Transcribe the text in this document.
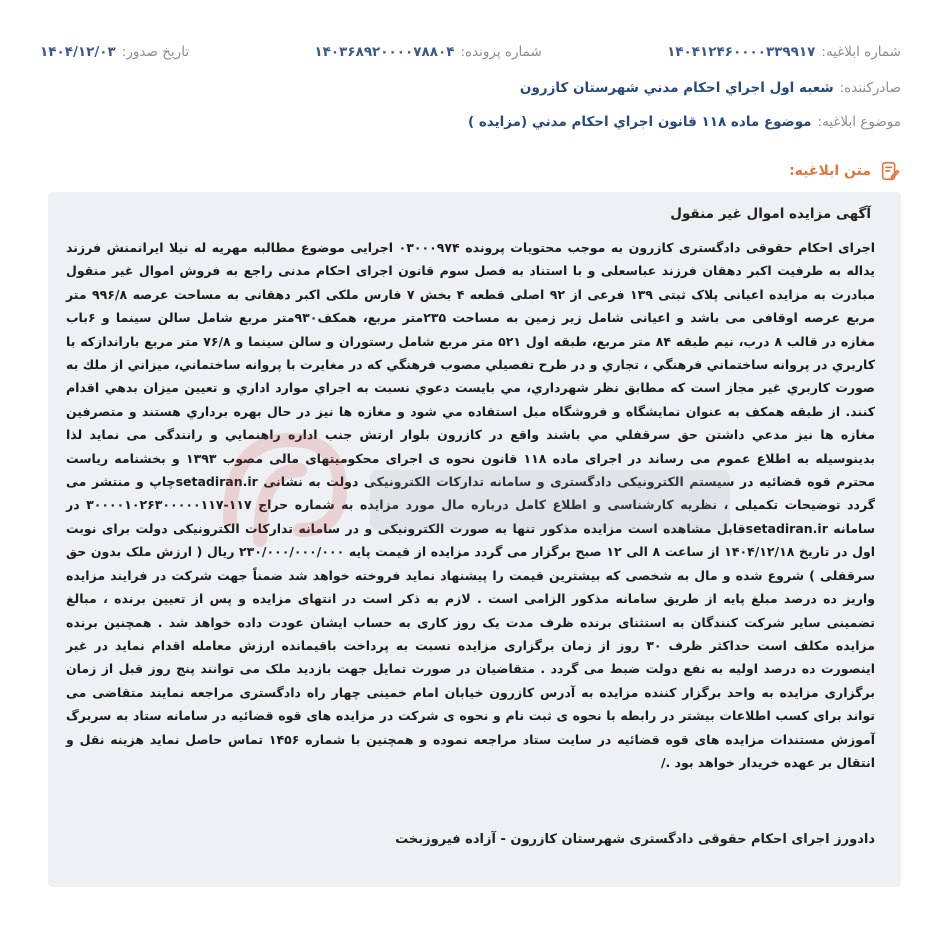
شماره ابلاغیه:
۱۴۰۴۱۲۴۶۰۰۰۰۳۳۹۹۱۷
شماره پرونده:
۱۴۰۳۶۸۹۲۰۰۰۰۷۸۸۰۴
تاریخ صدور:
۱۴۰۴/۱۲/۰۳
صادرکننده:
شعبه اول اجراي احكام مدني شهرستان كازرون
موضوع ابلاغیه:
موضوع ماده ۱۱۸ قانون اجراي احكام مدني (مزايده )
متن ابلاغیه:
آگهی مزایده اموال غیر منقول
اجرای احکام حقوقی دادگستری کازرون به موجب محتویات پرونده ۰۳۰۰۰۹۷۴ اجرایی موضوع مطالبه مهریه له نیلا ایرانمنش فرزند یداله به طرفیت اکبر دهقان فرزند عباسعلی و با استناد به فصل سوم قانون اجرای احکام مدنی راجع به فروش اموال غیر منقول مبادرت به مزایده اعیانی پلاک ثبتی ۱۳۹ فرعی از ۹۲ اصلی قطعه ۴ بخش ۷ فارس ملکی اکبر دهقانی به مساحت عرصه ۹۹۶/۸ متر مربع عرصه اوقافی می باشد و اعیانی شامل زیر زمین به مساحت ۲۳۵متر مربع، همکف۹۳۰متر مربع شامل سالن سینما و ۶باب مغازه در قالب ۸ درب، نیم طبقه ۸۴ متر مربع، طبقه اول ۵۲۱ متر مربع شامل رستوران و سالن سینما و ۷۶/۸ متر مربع باراندازکه با کاربري در پروانه ساختماني فرهنگي ، تجاري و در طرح تفصيلي مصوب فرهنگي که در مغايرت با پروانه ساختماني، ميزاني از ملك به صورت كاربري غير مجاز است كه مطابق نظر شهرداري، مي بايست دعوي نسبت به اجراي موارد اداري و تعيين ميزان بدهي اقدام كنند. از طبقه همكف به عنوان نمايشگاه و فروشگاه مبل استفاده مي شود و مغازه ها نيز در حال بهره برداري هستند و متصرفين مغازه ها نيز مدعي داشتن حق سرقفلي مي باشند واقع در كازرون بلوار ارتش جنب اداره راهنمايي و رانندگی می نمايد لذا بدينوسيله به اطلاع عموم می رساند در اجرای ماده ۱۱۸ قانون نحوه ی اجرای محکومیتهای مالی مصوب ۱۳۹۳ و بخشنامه ریاست محترم قوه قضائیه در سیستم الکترونیکی دادگستری و سامانه تدارکات الکترونیکی دولت به نشانی setadiran.irچاپ و منتشر می گردد توضیحات تکمیلی ، نظریه کارشناسی و اطلاع کامل درباره مال مورد مزایده به شماره حراج ۱۱۷-۳۰۰۰۰۱۰۲۶۳۰۰۰۰۰۱۱۷ در سامانه setadiran.irقابل مشاهده است مزایده مذکور تنها به صورت الکترونیکی و در سامانه تدارکات الکترونیکی دولت برای نوبت اول در تاریخ ۱۴۰۴/۱۲/۱۸ از ساعت ۸ الی ۱۲ صبح برگزار می گردد مزایده از قیمت پایه ۲۳۰/۰۰۰/۰۰۰/۰۰۰ ریال ( ارزش ملک بدون حق سرقفلی ) شروع شده و مال به شخصی که بیشترین قیمت را پیشنهاد نماید فروخته خواهد شد ضمناً جهت شرکت در فرایند مزایده واریز ده درصد مبلغ پایه از طریق سامانه مذکور الزامی است . لازم به ذکر است در انتهای مزایده و پس از تعیین برنده ، مبالغ تضمینی سایر شرکت کنندگان به استثنای برنده ظرف مدت یک روز کاری به حساب ایشان عودت داده خواهد شد . همچنین برنده مزایده مکلف است حداکثر ظرف ۳۰ روز از زمان برگزاری مزایده نسبت به پرداخت باقیمانده ارزش معامله اقدام نماید در غیر اینصورت ده درصد اولیه به نفع دولت ضبط می گردد . متقاضیان در صورت تمایل جهت بازدید ملک می توانند پنج روز قبل از زمان برگزاری مزایده به واحد برگزار کننده مزایده به آدرس کازرون خیابان امام خمینی چهار راه دادگستری مراجعه نمایند متقاضی می تواند برای کسب اطلاعات بیشتر در رابطه با نحوه ی ثبت نام و نحوه ی شرکت در مزایده های قوه قضائیه در سامانه ستاد به سربرگ آموزش مستندات مزایده های قوه قضائیه در سایت ستاد مراجعه نموده و همچنین با شماره ۱۴۵۶ تماس حاصل نماید هزینه نقل و انتقال بر عهده خریدار خواهد بود ./
دادورز اجرای احکام حقوقی دادگستری شهرستان کازرون - آزاده فیروزبخت
